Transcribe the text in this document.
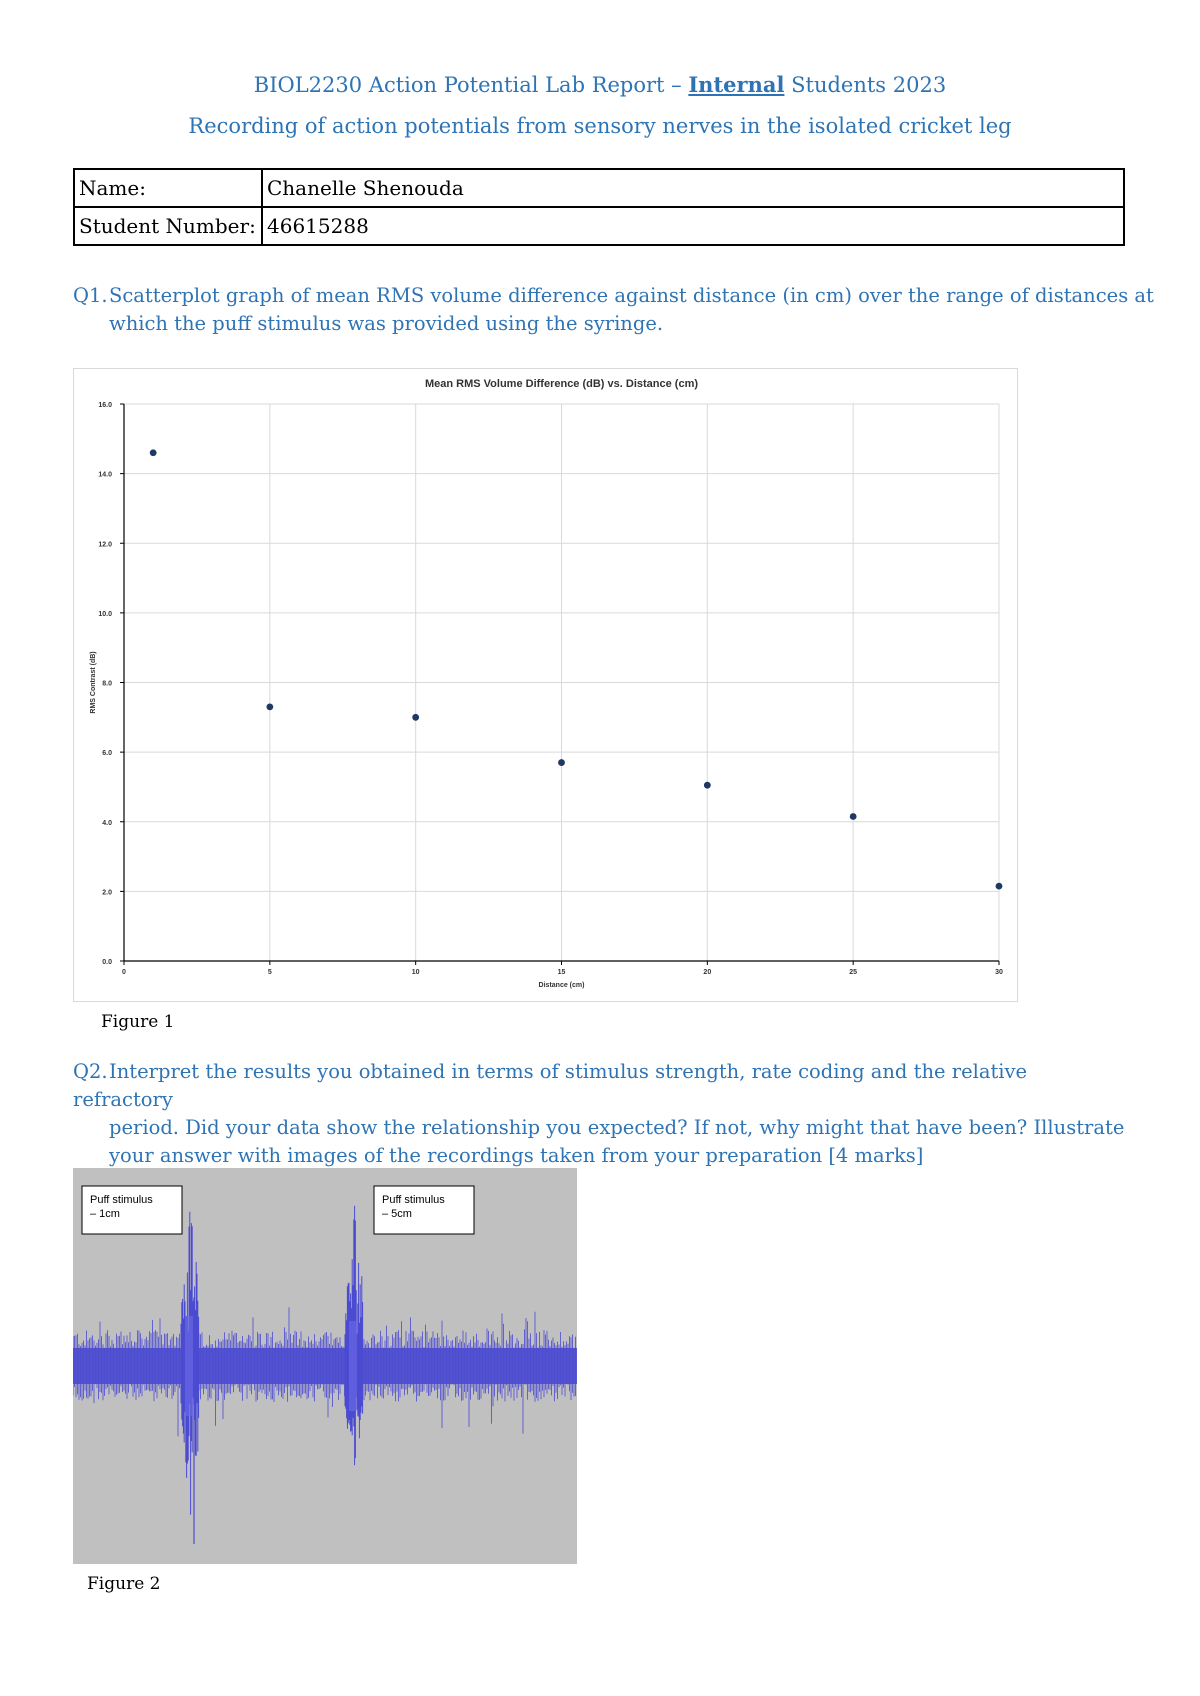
BIOL2230 Action Potential Lab Report – Internal Students 2023
Recording of action potentials from sensory nerves in the isolated cricket leg
Name:	Chanelle Shenouda
Student Number:	46615288
Q1.Scatterplot graph of mean RMS volume difference against distance (in cm) over the range of distances at
which the puff stimulus was provided using the syringe.
Mean RMS Volume Difference (dB) vs. Distance (cm)
0.0
2.0
4.0
6.0
8.0
10.0
12.0
14.0
16.0
0	5	10	15	20	25	30
Distance (cm)
RMS Contrast (dB)
Figure 1
Q2.Interpret the results you obtained in terms of stimulus strength, rate coding and the relative refractory
period. Did your data show the relationship you expected? If not, why might that have been? Illustrate
your answer with images of the recordings taken from your preparation [4 marks]
Puff stimulus
– 1cm
Puff stimulus
– 5cm
Figure 2
